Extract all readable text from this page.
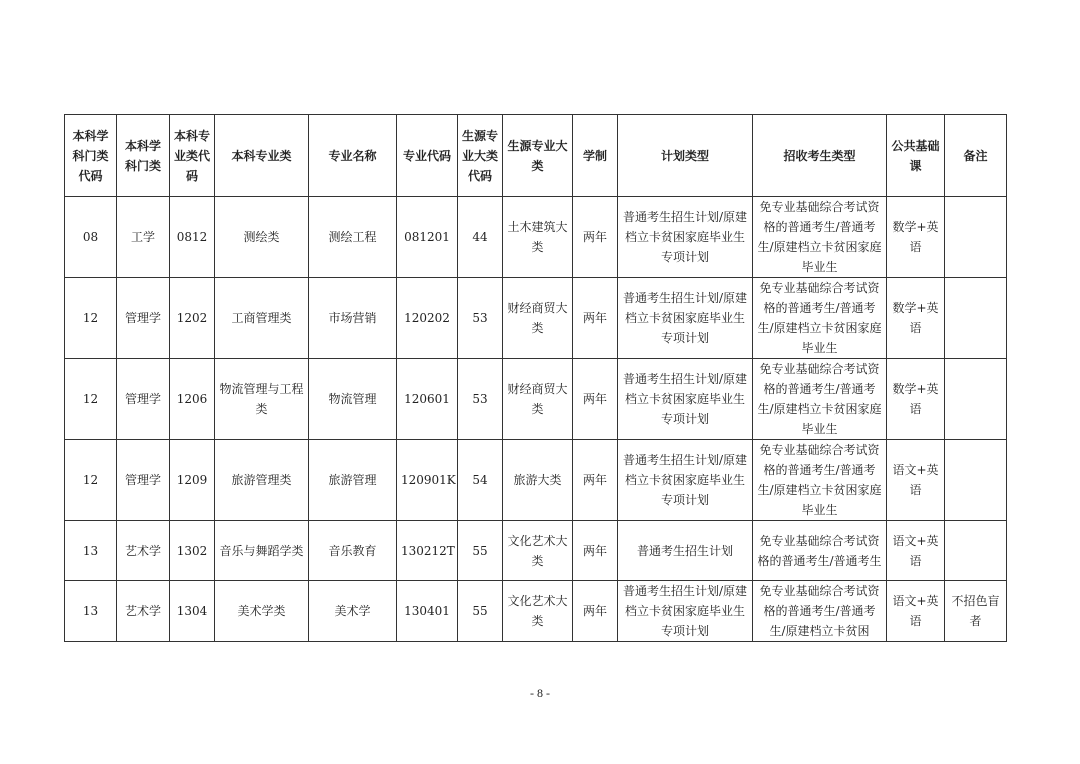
本科学科门类代码	本科学科门类	本科专业类代码	本科专业类	专业名称	专业代码	生源专业大类代码	生源专业大类	学制	计划类型	招收考生类型	公共基础课	备注
08	工学	0812	测绘类	测绘工程	081201	44	土木建筑大类	两年	普通考生招生计划/原建档立卡贫困家庭毕业生专项计划	免专业基础综合考试资格的普通考生/普通考生/原建档立卡贫困家庭毕业生	数学+英语	
12	管理学	1202	工商管理类	市场营销	120202	53	财经商贸大类	两年	普通考生招生计划/原建档立卡贫困家庭毕业生专项计划	免专业基础综合考试资格的普通考生/普通考生/原建档立卡贫困家庭毕业生	数学+英语	
12	管理学	1206	物流管理与工程类	物流管理	120601	53	财经商贸大类	两年	普通考生招生计划/原建档立卡贫困家庭毕业生专项计划	免专业基础综合考试资格的普通考生/普通考生/原建档立卡贫困家庭毕业生	数学+英语	
12	管理学	1209	旅游管理类	旅游管理	120901K	54	旅游大类	两年	普通考生招生计划/原建档立卡贫困家庭毕业生专项计划	免专业基础综合考试资格的普通考生/普通考生/原建档立卡贫困家庭毕业生	语文+英语	
13	艺术学	1302	音乐与舞蹈学类	音乐教育	130212T	55	文化艺术大类	两年	普通考生招生计划	免专业基础综合考试资格的普通考生/普通考生	语文+英语	
13	艺术学	1304	美术学类	美术学	130401	55	文化艺术大类	两年	普通考生招生计划/原建档立卡贫困家庭毕业生专项计划	免专业基础综合考试资格的普通考生/普通考生/原建档立卡贫困	语文+英语	不招色盲者
- 8 -
